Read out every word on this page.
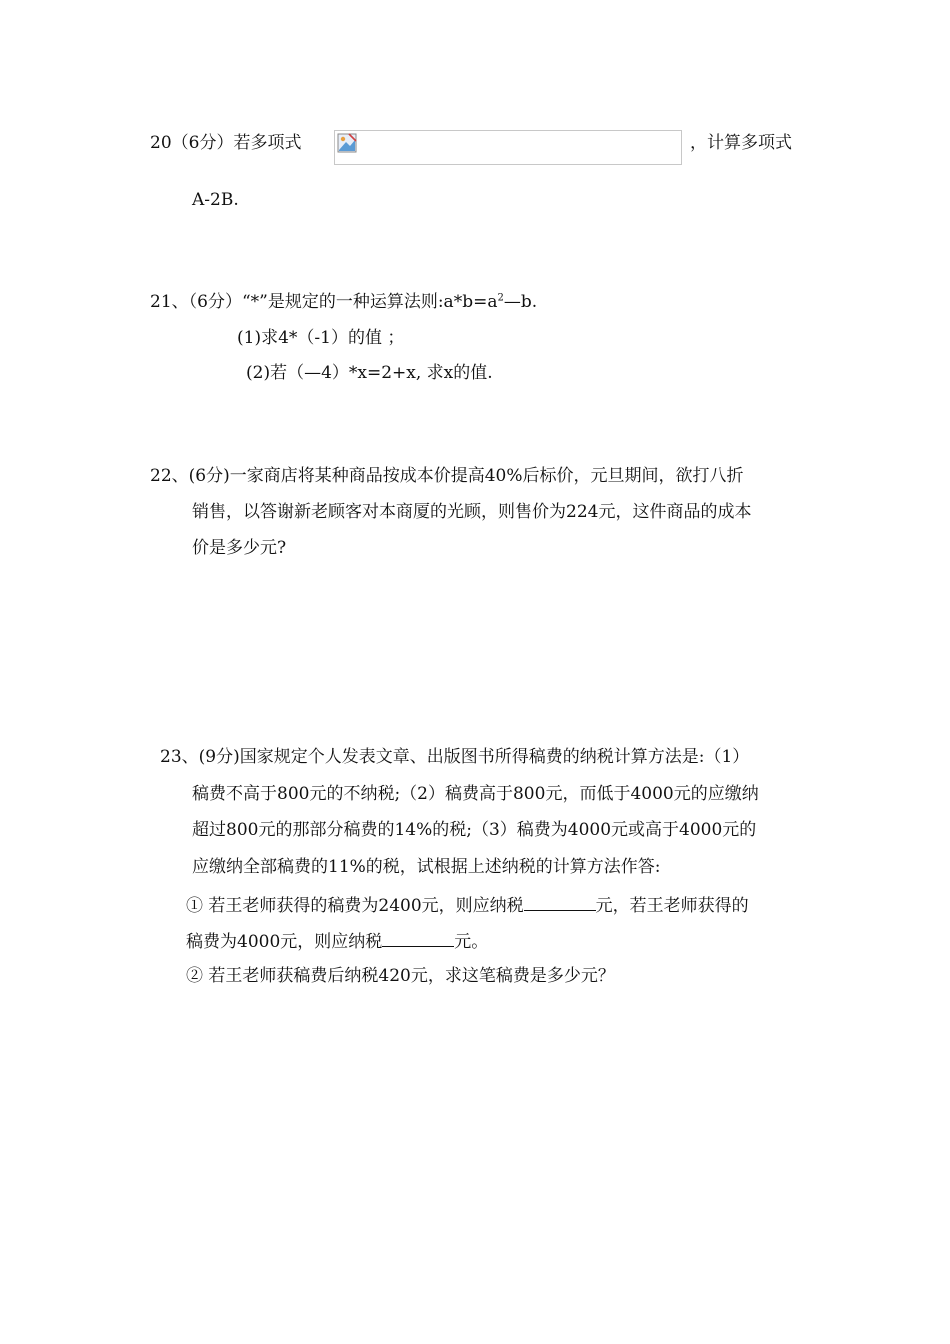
20（6分）若多项式	，计算多项式
A-2B.
21、（6分）“*”是规定的一种运算法则$:a*b=a^2—b$.
(1)求4*（-1）的值 ；
(2)若（—4）*x=2+x, 求x的值.
22、(6分)一家商店将某种商品按成本价提高40%后标价，元旦期间，欲打八折
销售，以答谢新老顾客对本商厦的光顾，则售价为224元，这件商品的成本
价是多少元?
23、(9分)国家规定个人发表文章、出版图书所得稿费的纳税计算方法是:（1）
稿费不高于800元的不纳税;（2）稿费高于800元，而低于4000元的应缴纳
超过800元的那部分稿费的14%的税;（3）稿费为4000元或高于4000元的
应缴纳全部稿费的11%的税，试根据上述纳税的计算方法作答:
① 若王老师获得的稿费为2400元，则应纳税	元，若王老师获得的
稿费为4000元，则应纳税	元。
② 若王老师获稿费后纳税420元，求这笔稿费是多少元？
